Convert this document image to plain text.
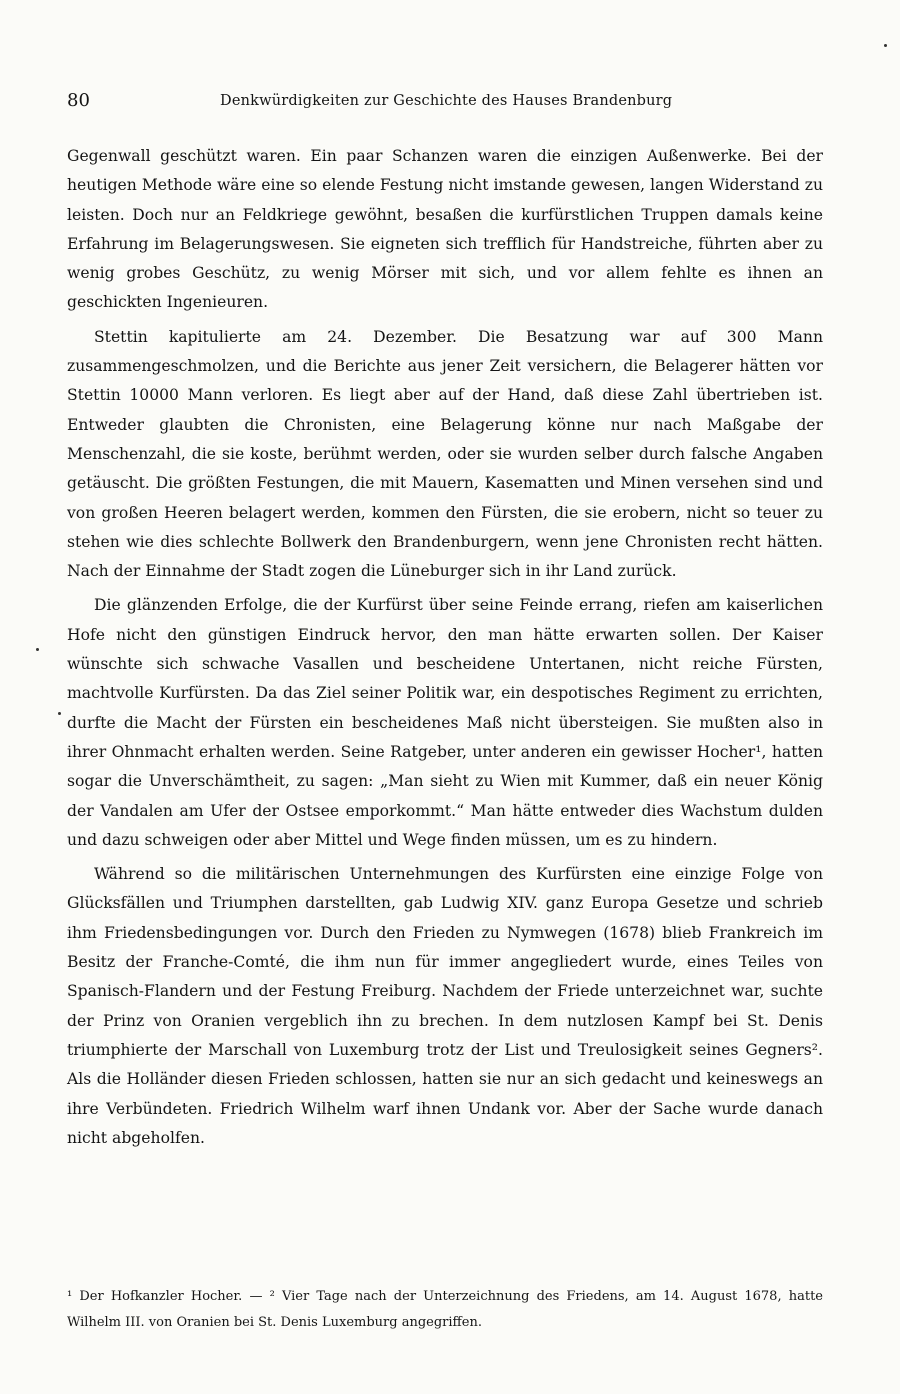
80	Denkwürdigkeiten zur Geschichte des Hauses Brandenburg

Gegenwall geschützt waren. Ein paar Schanzen waren die einzigen Außenwerke. Bei der heutigen Methode wäre eine so elende Festung nicht imstande gewesen, langen Widerstand zu leisten. Doch nur an Feldkriege gewöhnt, besaßen die kurfürstlichen Truppen damals keine Erfahrung im Belagerungswesen. Sie eigneten sich trefflich für Handstreiche, führten aber zu wenig grobes Geschütz, zu wenig Mörser mit sich, und vor allem fehlte es ihnen an geschickten Ingenieuren.

Stettin kapitulierte am 24. Dezember. Die Besatzung war auf 300 Mann zusammengeschmolzen, und die Berichte aus jener Zeit versichern, die Belagerer hätten vor Stettin 10000 Mann verloren. Es liegt aber auf der Hand, daß diese Zahl übertrieben ist. Entweder glaubten die Chronisten, eine Belagerung könne nur nach Maßgabe der Menschenzahl, die sie koste, berühmt werden, oder sie wurden selber durch falsche Angaben getäuscht. Die größten Festungen, die mit Mauern, Kasematten und Minen versehen sind und von großen Heeren belagert werden, kommen den Fürsten, die sie erobern, nicht so teuer zu stehen wie dies schlechte Bollwerk den Brandenburgern, wenn jene Chronisten recht hätten. Nach der Einnahme der Stadt zogen die Lüneburger sich in ihr Land zurück.

Die glänzenden Erfolge, die der Kurfürst über seine Feinde errang, riefen am kaiserlichen Hofe nicht den günstigen Eindruck hervor, den man hätte erwarten sollen. Der Kaiser wünschte sich schwache Vasallen und bescheidene Untertanen, nicht reiche Fürsten, machtvolle Kurfürsten. Da das Ziel seiner Politik war, ein despotisches Regiment zu errichten, durfte die Macht der Fürsten ein bescheidenes Maß nicht übersteigen. Sie mußten also in ihrer Ohnmacht erhalten werden. Seine Ratgeber, unter anderen ein gewisser Hocher¹, hatten sogar die Unverschämtheit, zu sagen: „Man sieht zu Wien mit Kummer, daß ein neuer König der Vandalen am Ufer der Ostsee emporkommt.“ Man hätte entweder dies Wachstum dulden und dazu schweigen oder aber Mittel und Wege finden müssen, um es zu hindern.

Während so die militärischen Unternehmungen des Kurfürsten eine einzige Folge von Glücksfällen und Triumphen darstellten, gab Ludwig XIV. ganz Europa Gesetze und schrieb ihm Friedensbedingungen vor. Durch den Frieden zu Nymwegen (1678) blieb Frankreich im Besitz der Franche-Comté, die ihm nun für immer angegliedert wurde, eines Teiles von Spanisch-Flandern und der Festung Freiburg. Nachdem der Friede unterzeichnet war, suchte der Prinz von Oranien vergeblich ihn zu brechen. In dem nutzlosen Kampf bei St. Denis triumphierte der Marschall von Luxemburg trotz der List und Treulosigkeit seines Gegners². Als die Holländer diesen Frieden schlossen, hatten sie nur an sich gedacht und keineswegs an ihre Verbündeten. Friedrich Wilhelm warf ihnen Undank vor. Aber der Sache wurde danach nicht abgeholfen.

¹ Der Hofkanzler Hocher. — ² Vier Tage nach der Unterzeichnung des Friedens, am 14. August 1678, hatte Wilhelm III. von Oranien bei St. Denis Luxemburg angegriffen.
